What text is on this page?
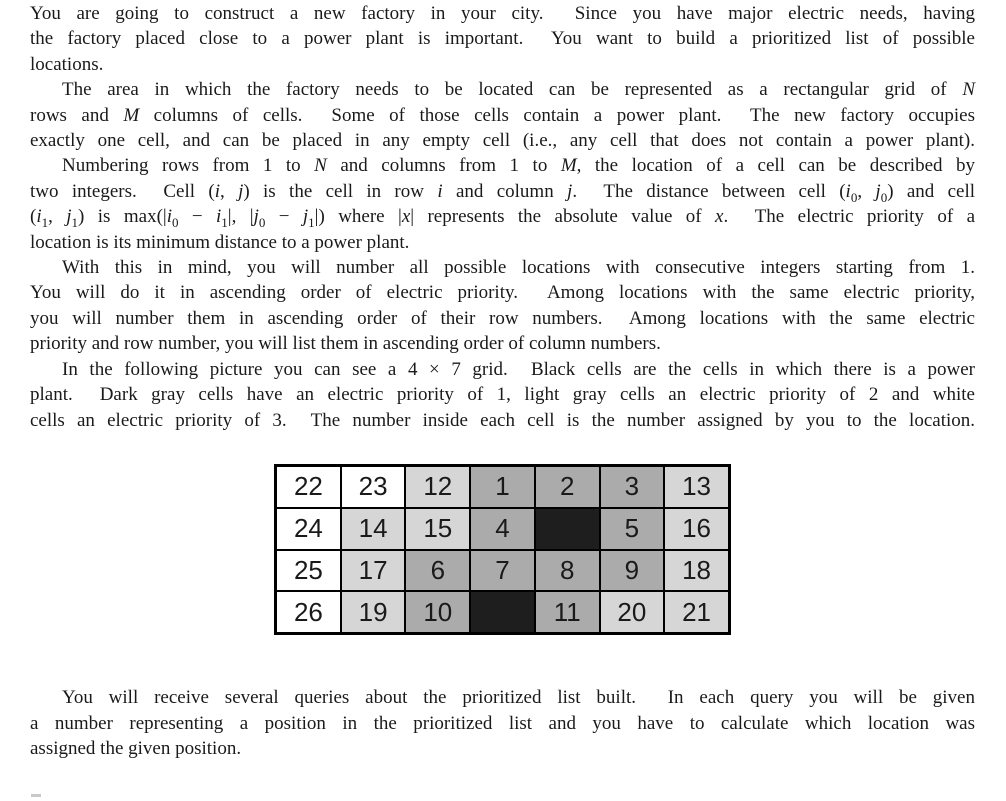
You are going to construct a new factory in your city.  Since you have major electric needs, having
the factory placed close to a power plant is important.  You want to build a prioritized list of possible
locations.
The area in which the factory needs to be located can be represented as a rectangular grid of N
rows and M columns of cells.  Some of those cells contain a power plant.  The new factory occupies
exactly one cell, and can be placed in any empty cell (i.e., any cell that does not contain a power plant).
Numbering rows from 1 to N and columns from 1 to M, the location of a cell can be described by
two integers.  Cell (i, j) is the cell in row i and column j.  The distance between cell ($i_0$, $j_0$) and cell
($i_1$, $j_1$) is $\max(|i_0 - i_1|$, $|j_0 - j_1|$) where |x| represents the absolute value of x.  The electric priority of a
location is its minimum distance to a power plant.
With this in mind, you will number all possible locations with consecutive integers starting from 1.
You will do it in ascending order of electric priority.  Among locations with the same electric priority,
you will number them in ascending order of their row numbers.  Among locations with the same electric
priority and row number, you will list them in ascending order of column numbers.
In the following picture you can see a 4 × 7 grid.  Black cells are the cells in which there is a power
plant.  Dark gray cells have an electric priority of 1, light gray cells an electric priority of 2 and white
cells an electric priority of 3.  The number inside each cell is the number assigned by you to the location.
22	23	12	1	2	3	13
24	14	15	4		5	16
25	17	6	7	8	9	18
26	19	10		11	20	21
You will receive several queries about the prioritized list built.  In each query you will be given
a number representing a position in the prioritized list and you have to calculate which location was
assigned the given position.
